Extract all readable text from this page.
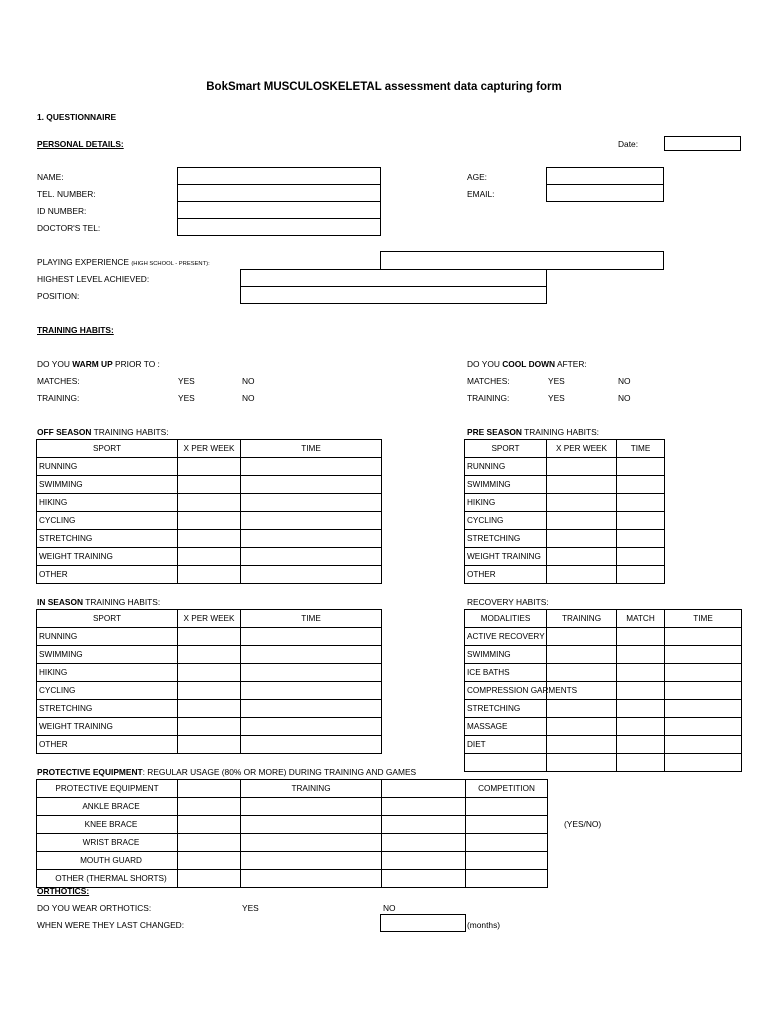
BokSmart MUSCULOSKELETAL assessment data capturing form
1. QUESTIONNAIRE
PERSONAL DETAILS:	Date:
NAME:
TEL. NUMBER:
ID NUMBER:
DOCTOR'S TEL:
AGE:
EMAIL:
PLAYING EXPERIENCE (HIGH SCHOOL - PRESENT):
HIGHEST LEVEL ACHIEVED:
POSITION:
TRAINING HABITS:
DO YOU WARM UP PRIOR TO :
MATCHES:	YES	NO
TRAINING:	YES	NO
DO YOU COOL DOWN AFTER:
MATCHES:	YES	NO
TRAINING:	YES	NO
OFF SEASON TRAINING HABITS:
SPORT	X PER WEEK	TIME
RUNNING		
SWIMMING		
HIKING		
CYCLING		
STRETCHING		
WEIGHT TRAINING		
OTHER		
PRE SEASON TRAINING HABITS:
SPORT	X PER WEEK	TIME
RUNNING		
SWIMMING		
HIKING		
CYCLING		
STRETCHING		
WEIGHT TRAINING		
OTHER		
IN SEASON TRAINING HABITS:
SPORT	X PER WEEK	TIME
RUNNING		
SWIMMING		
HIKING		
CYCLING		
STRETCHING		
WEIGHT TRAINING		
OTHER		
RECOVERY HABITS:
MODALITIES	TRAINING	MATCH	TIME
ACTIVE RECOVERY			
SWIMMING			
ICE BATHS			
COMPRESSION GARMENTS			
STRETCHING			
MASSAGE			
DIET			

PROTECTIVE EQUIPMENT: REGULAR USAGE (80% OR MORE) DURING TRAINING AND GAMES
PROTECTIVE EQUIPMENT		TRAINING		COMPETITION
ANKLE BRACE				
KNEE BRACE				
WRIST BRACE				
MOUTH GUARD				
OTHER (THERMAL SHORTS)				
(YES/NO)
ORTHOTICS:
DO YOU WEAR ORTHOTICS:	YES	NO
WHEN WERE THEY LAST CHANGED:	(months)
